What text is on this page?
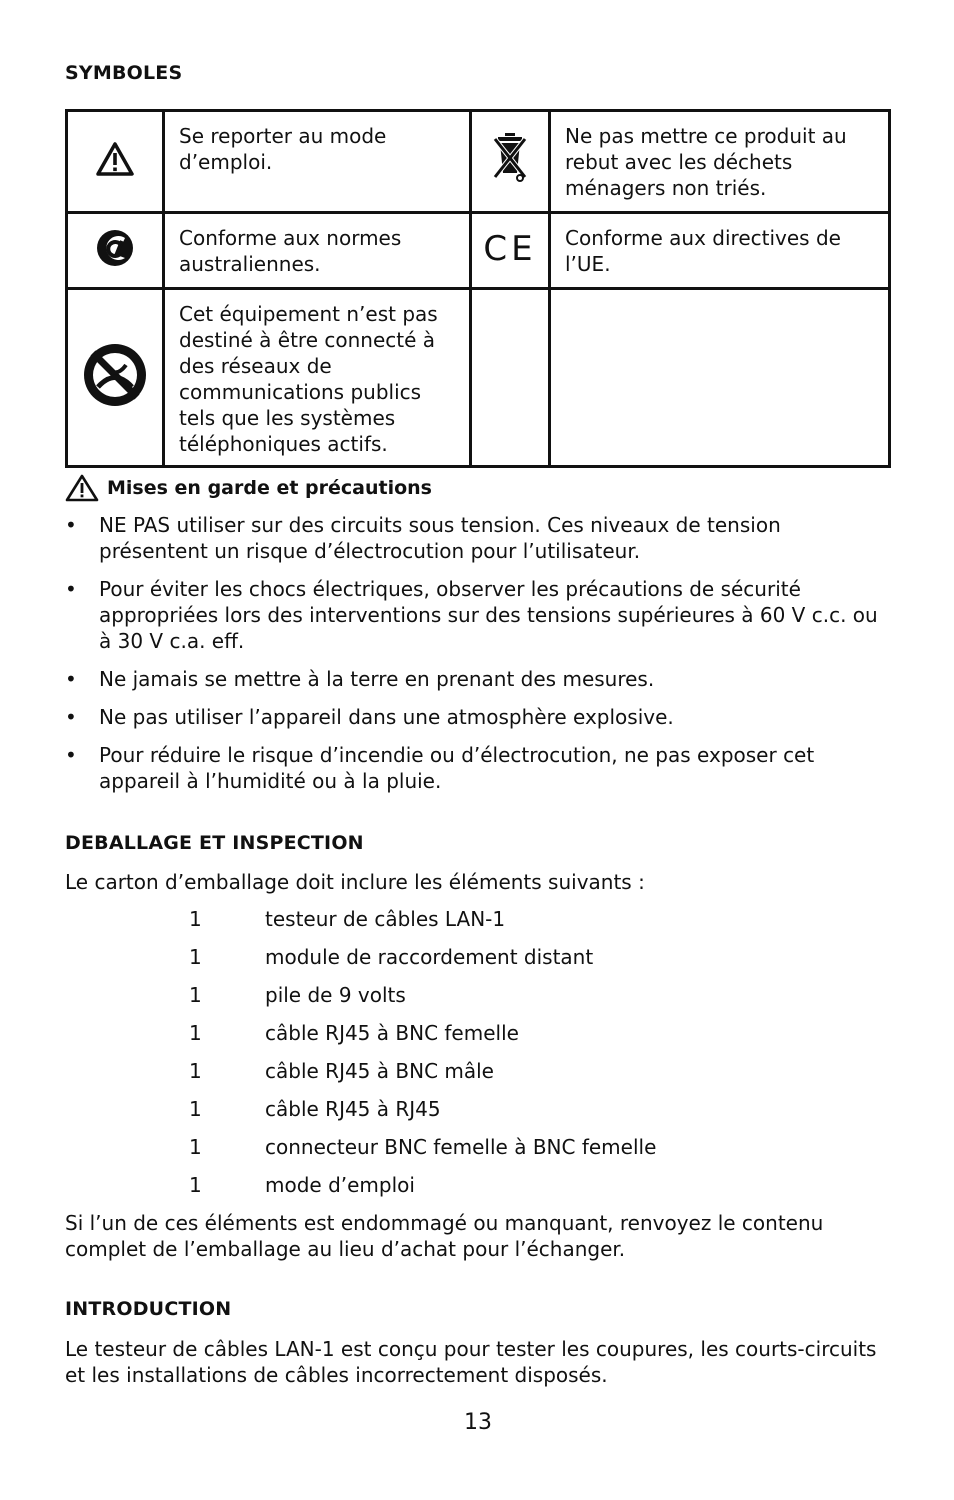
SYMBOLES
	Se reporter au mode d’emploi.		Ne pas mettre ce produit au rebut avec les déchets ménagers non triés.
	Conforme aux normes australiennes.	CE	Conforme aux directives de l’UE.
	Cet équipement n’est pas destiné à être connecté à des réseaux de communications publics tels que les systèmes téléphoniques actifs.		
Mises en garde et précautions
• NE PAS utiliser sur des circuits sous tension. Ces niveaux de tension présentent un risque d’électrocution pour l’utilisateur.
• Pour éviter les chocs électriques, observer les précautions de sécurité appropriées lors des interventions sur des tensions supérieures à 60 V c.c. ou à 30 V c.a. eff.
• Ne jamais se mettre à la terre en prenant des mesures.
• Ne pas utiliser l’appareil dans une atmosphère explosive.
• Pour réduire le risque d’incendie ou d’électrocution, ne pas exposer cet appareil à l’humidité ou à la pluie.
DEBALLAGE ET INSPECTION

Le carton d’emballage doit inclure les éléments suivants :

1	testeur de câbles LAN-1
1	module de raccordement distant
1	pile de 9 volts
1	câble RJ45 à BNC femelle
1	câble RJ45 à BNC mâle
1	câble RJ45 à RJ45
1	connecteur BNC femelle à BNC femelle
1	mode d’emploi

Si l’un de ces éléments est endommagé ou manquant, renvoyez le contenu complet de l’emballage au lieu d’achat pour l’échanger.

INTRODUCTION

Le testeur de câbles LAN-1 est conçu pour tester les coupures, les courts-circuits et les installations de câbles incorrectement disposés.

13
